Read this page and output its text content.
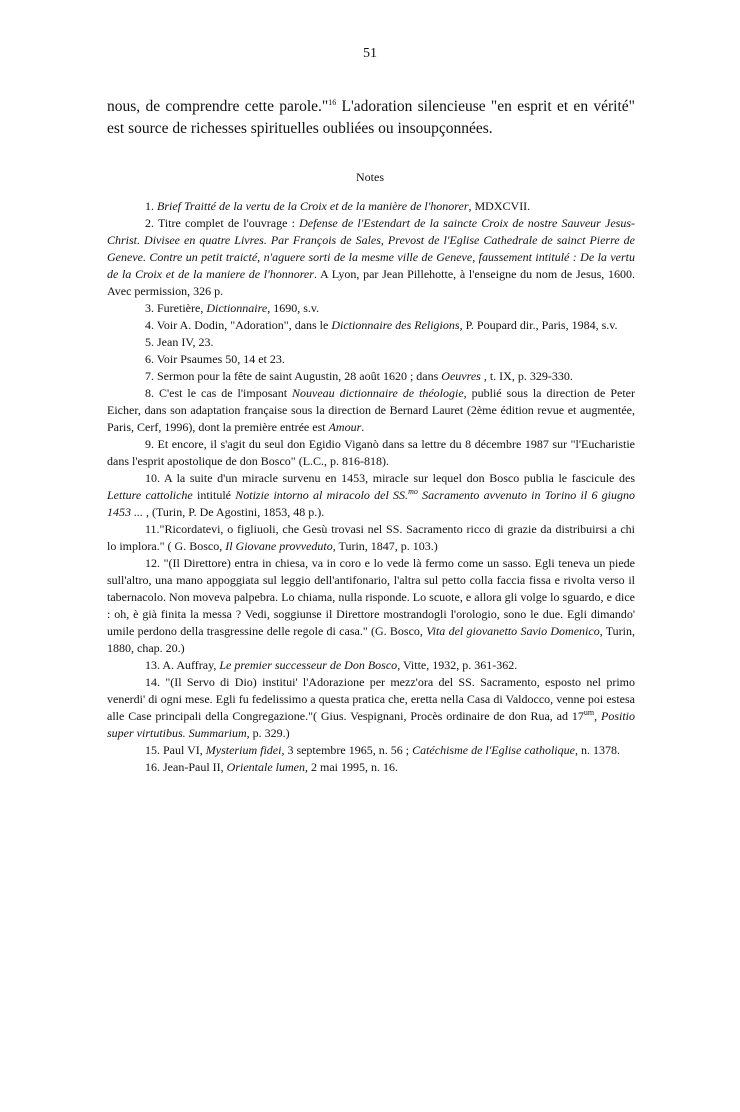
51

nous, de comprendre cette parole."$^{16}$ L'adoration silencieuse "en esprit et en vérité" est source de richesses spirituelles oubliées ou insoupçonnées.

Notes
1. Brief Traitté de la vertu de la Croix et de la manière de l'honorer, MDXCVII.
2. Titre complet de l'ouvrage : Defense de l'Estendart de la saincte Croix de nostre Sauveur Jesus-Christ. Divisee en quatre Livres. Par François de Sales, Prevost de l'Eglise Cathedrale de sainct Pierre de Geneve. Contre un petit traicté, n'aguere sorti de la mesme ville de Geneve, faussement intitulé : De la vertu de la Croix et de la maniere de l'honnorer. A Lyon, par Jean Pillehotte, à l'enseigne du nom de Jesus, 1600. Avec permission, 326 p.
3. Furetière, Dictionnaire, 1690, s.v.
4. Voir A. Dodin, "Adoration", dans le Dictionnaire des Religions, P. Poupard dir., Paris, 1984, s.v.
5. Jean IV, 23.
6. Voir Psaumes 50, 14 et 23.
7. Sermon pour la fête de saint Augustin, 28 août 1620 ; dans Oeuvres , t. IX, p. 329-330.
8. C'est le cas de l'imposant Nouveau dictionnaire de théologie, publié sous la direction de Peter Eicher, dans son adaptation française sous la direction de Bernard Lauret (2ème édition revue et augmentée, Paris, Cerf, 1996), dont la première entrée est Amour.
9. Et encore, il s'agit du seul don Egidio Viganò dans sa lettre du 8 décembre 1987 sur "l'Eucharistie dans l'esprit apostolique de don Bosco" (L.C., p. 816-818).
10. A la suite d'un miracle survenu en 1453, miracle sur lequel don Bosco publia le fascicule des Letture cattoliche intitulé Notizie intorno al miracolo del SS.$^{mo}$ Sacramento avvenuto in Torino il 6 giugno 1453 ... , (Turin, P. De Agostini, 1853, 48 p.).
11."Ricordatevi, o figliuoli, che Gesù trovasi nel SS. Sacramento ricco di grazie da distribuirsi a chi lo implora." ( G. Bosco, Il Giovane provveduto, Turin, 1847, p. 103.)
12. "(Il Direttore) entra in chiesa, va in coro e lo vede là fermo come un sasso. Egli teneva un piede sull'altro, una mano appoggiata sul leggio dell'antifonario, l'altra sul petto colla faccia fissa e rivolta verso il tabernacolo. Non moveva palpebra. Lo chiama, nulla risponde. Lo scuote, e allora gli volge lo sguardo, e dice : oh, è già finita la messa ? Vedi, soggiunse il Direttore mostrandogli l'orologio, sono le due. Egli dimando' umile perdono della trasgressine delle regole di casa." (G. Bosco, Vita del giovanetto Savio Domenico, Turin, 1880, chap. 20.)
13. A. Auffray, Le premier successeur de Don Bosco, Vitte, 1932, p. 361-362.
14. "(Il Servo di Dio) institui' l'Adorazione per mezz'ora del SS. Sacramento, esposto nel primo venerdi' di ogni mese. Egli fu fedelissimo a questa pratica che, eretta nella Casa di Valdocco, venne poi estesa alle Case principali della Congregazione."( Gius. Vespignani, Procès ordinaire de don Rua, ad $17^{um}$, Positio super virtutibus. Summarium, p. 329.)
15. Paul VI, Mysterium fidei, 3 septembre 1965, n. 56 ; Catéchisme de l'Eglise catholique, n. 1378.
16. Jean-Paul II, Orientale lumen, 2 mai 1995, n. 16.
